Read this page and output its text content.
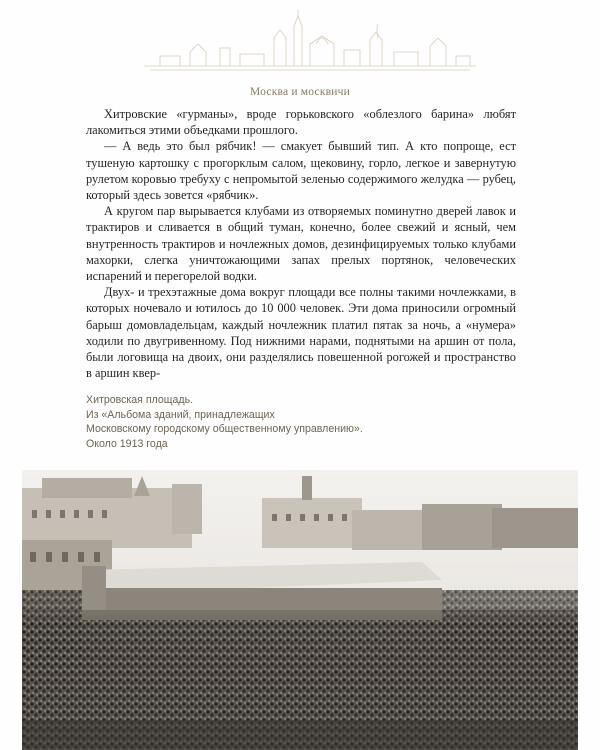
Москва и москвичи

Хитровские «гурманы», вроде горьковского «облезлого барина» любят лакомиться этими объедками прошлого.

— А ведь это был рябчик! — смакует бывший тип. А кто попроще, ест тушеную картошку с прогорклым салом, щековину, горло, легкое и завернутую рулетом коровью требуху с непромытой зеленью содержимого желудка — рубец, который здесь зовется «рябчик».

А кругом пар вырывается клубами из отворяемых поминутно дверей лавок и трактиров и сливается в общий туман, конечно, более свежий и ясный, чем внутренность трактиров и ночлежных домов, дезинфицируемых только клубами махорки, слегка уничтожающими запах прелых портянок, человеческих испарений и перегорелой водки.

Двух- и трехэтажные дома вокруг площади все полны такими ночлежками, в которых ночевало и ютилось до 10 000 человек. Эти дома приносили огромный барыш домовладельцам, каждый ночлежник платил пятак за ночь, а «нумера» ходили по двугривенному. Под нижними нарами, поднятыми на аршин от пола, были логовища на двоих, они разделялись повешенной рогожей и пространство в аршин квер-

Хитровская площадь.
Из «Альбома зданий, принадлежащих
Московскому городскому общественному управлению».
Около 1913 года
